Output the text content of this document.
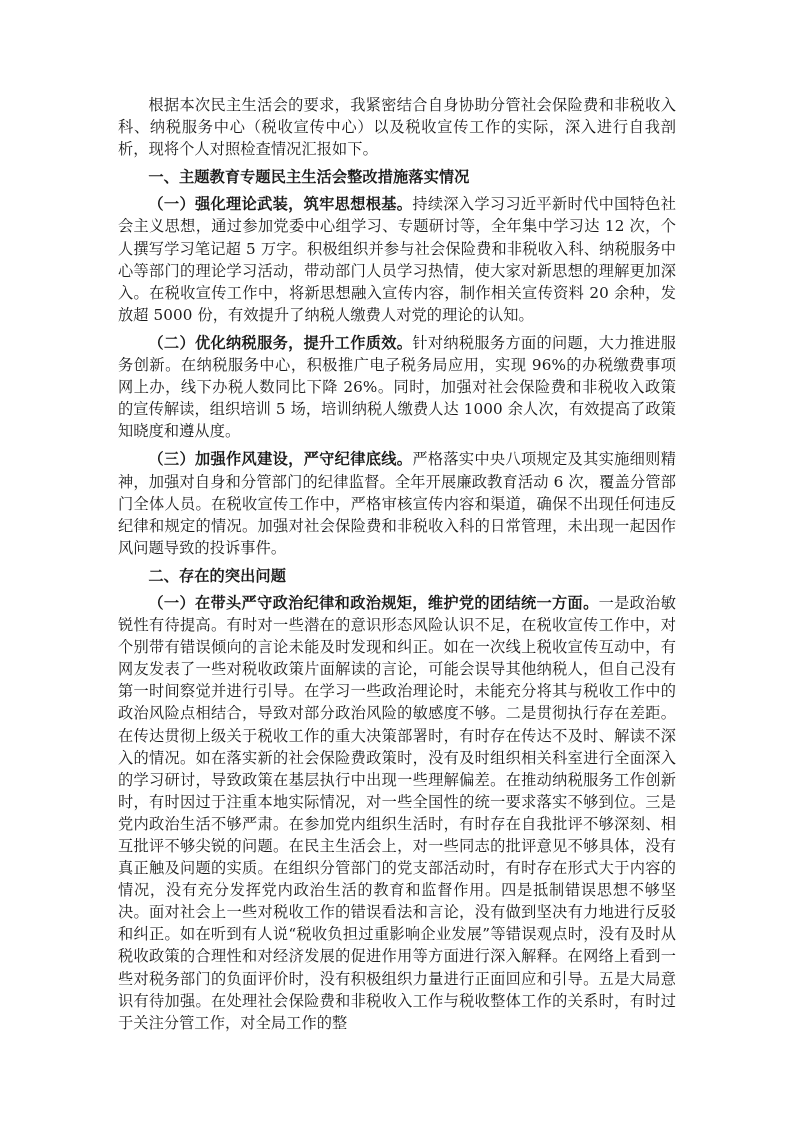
根据本次民主生活会的要求，我紧密结合自身协助分管社会保险费和非税收入科、纳税服务中心（税收宣传中心）以及税收宣传工作的实际，深入进行自我剖析，现将个人对照检查情况汇报如下。

一、主题教育专题民主生活会整改措施落实情况

（一）强化理论武装，筑牢思想根基。持续深入学习习近平新时代中国特色社会主义思想，通过参加党委中心组学习、专题研讨等，全年集中学习达 12 次，个人撰写学习笔记超 5 万字。积极组织并参与社会保险费和非税收入科、纳税服务中心等部门的理论学习活动，带动部门人员学习热情，使大家对新思想的理解更加深入。在税收宣传工作中，将新思想融入宣传内容，制作相关宣传资料 20 余种，发放超 5000 份，有效提升了纳税人缴费人对党的理论的认知。

（二）优化纳税服务，提升工作质效。针对纳税服务方面的问题，大力推进服务创新。在纳税服务中心，积极推广电子税务局应用，实现 96%的办税缴费事项网上办，线下办税人数同比下降 26%。同时，加强对社会保险费和非税收入政策的宣传解读，组织培训 5 场，培训纳税人缴费人达 1000 余人次，有效提高了政策知晓度和遵从度。

（三）加强作风建设，严守纪律底线。严格落实中央八项规定及其实施细则精神，加强对自身和分管部门的纪律监督。全年开展廉政教育活动 6 次，覆盖分管部门全体人员。在税收宣传工作中，严格审核宣传内容和渠道，确保不出现任何违反纪律和规定的情况。加强对社会保险费和非税收入科的日常管理，未出现一起因作风问题导致的投诉事件。

二、存在的突出问题

（一）在带头严守政治纪律和政治规矩，维护党的团结统一方面。一是政治敏锐性有待提高。有时对一些潜在的意识形态风险认识不足，在税收宣传工作中，对个别带有错误倾向的言论未能及时发现和纠正。如在一次线上税收宣传互动中，有网友发表了一些对税收政策片面解读的言论，可能会误导其他纳税人，但自己没有第一时间察觉并进行引导。在学习一些政治理论时，未能充分将其与税收工作中的政治风险点相结合，导致对部分政治风险的敏感度不够。二是贯彻执行存在差距。在传达贯彻上级关于税收工作的重大决策部署时，有时存在传达不及时、解读不深入的情况。如在落实新的社会保险费政策时，没有及时组织相关科室进行全面深入的学习研讨，导致政策在基层执行中出现一些理解偏差。在推动纳税服务工作创新时，有时因过于注重本地实际情况，对一些全国性的统一要求落实不够到位。三是党内政治生活不够严肃。在参加党内组织生活时，有时存在自我批评不够深刻、相互批评不够尖锐的问题。在民主生活会上，对一些同志的批评意见不够具体，没有真正触及问题的实质。在组织分管部门的党支部活动时，有时存在形式大于内容的情况，没有充分发挥党内政治生活的教育和监督作用。四是抵制错误思想不够坚决。面对社会上一些对税收工作的错误看法和言论，没有做到坚决有力地进行反驳和纠正。如在听到有人说“税收负担过重影响企业发展”等错误观点时，没有及时从税收政策的合理性和对经济发展的促进作用等方面进行深入解释。在网络上看到一些对税务部门的负面评价时，没有积极组织力量进行正面回应和引导。五是大局意识有待加强。在处理社会保险费和非税收入工作与税收整体工作的关系时，有时过于关注分管工作，对全局工作的整
